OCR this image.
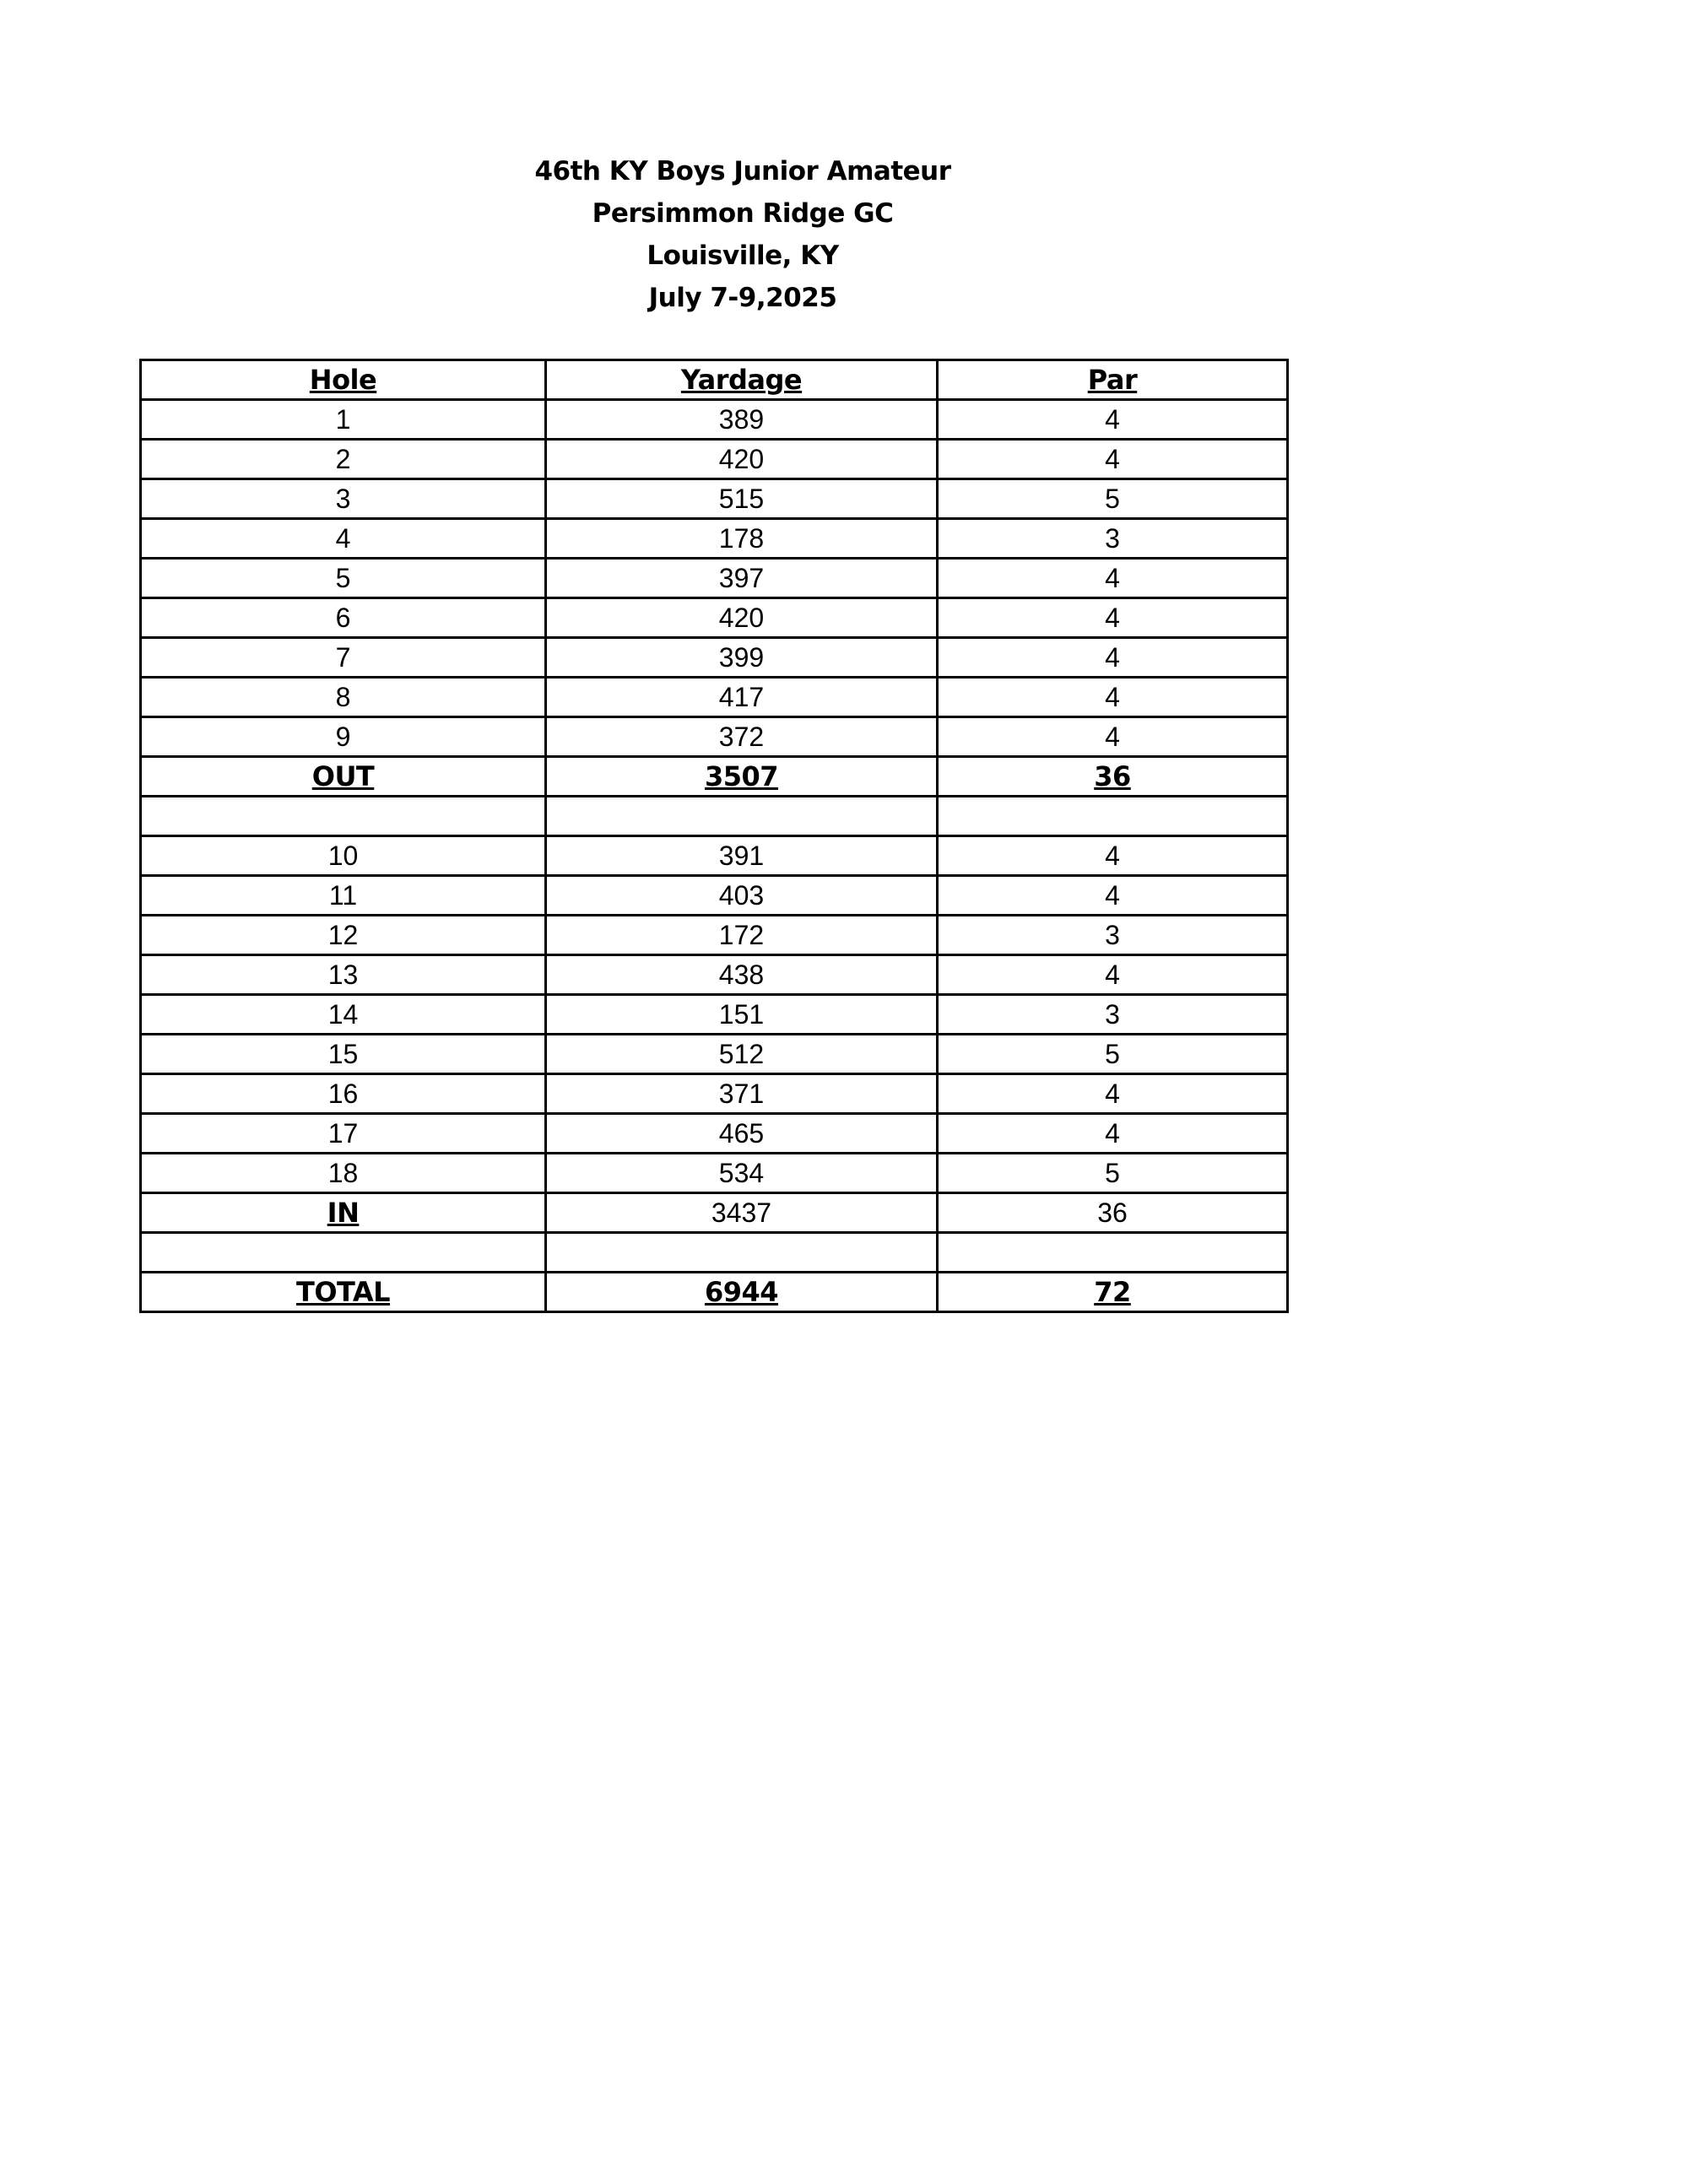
46th KY Boys Junior Amateur
Persimmon Ridge GC
Louisville, KY
July 7-9,2025
Hole	Yardage	Par
1	389	4
2	420	4
3	515	5
4	178	3
5	397	4
6	420	4
7	399	4
8	417	4
9	372	4
OUT	3507	36

10	391	4
11	403	4
12	172	3
13	438	4
14	151	3
15	512	5
16	371	4
17	465	4
18	534	5
IN	3437	36

TOTAL	6944	72
